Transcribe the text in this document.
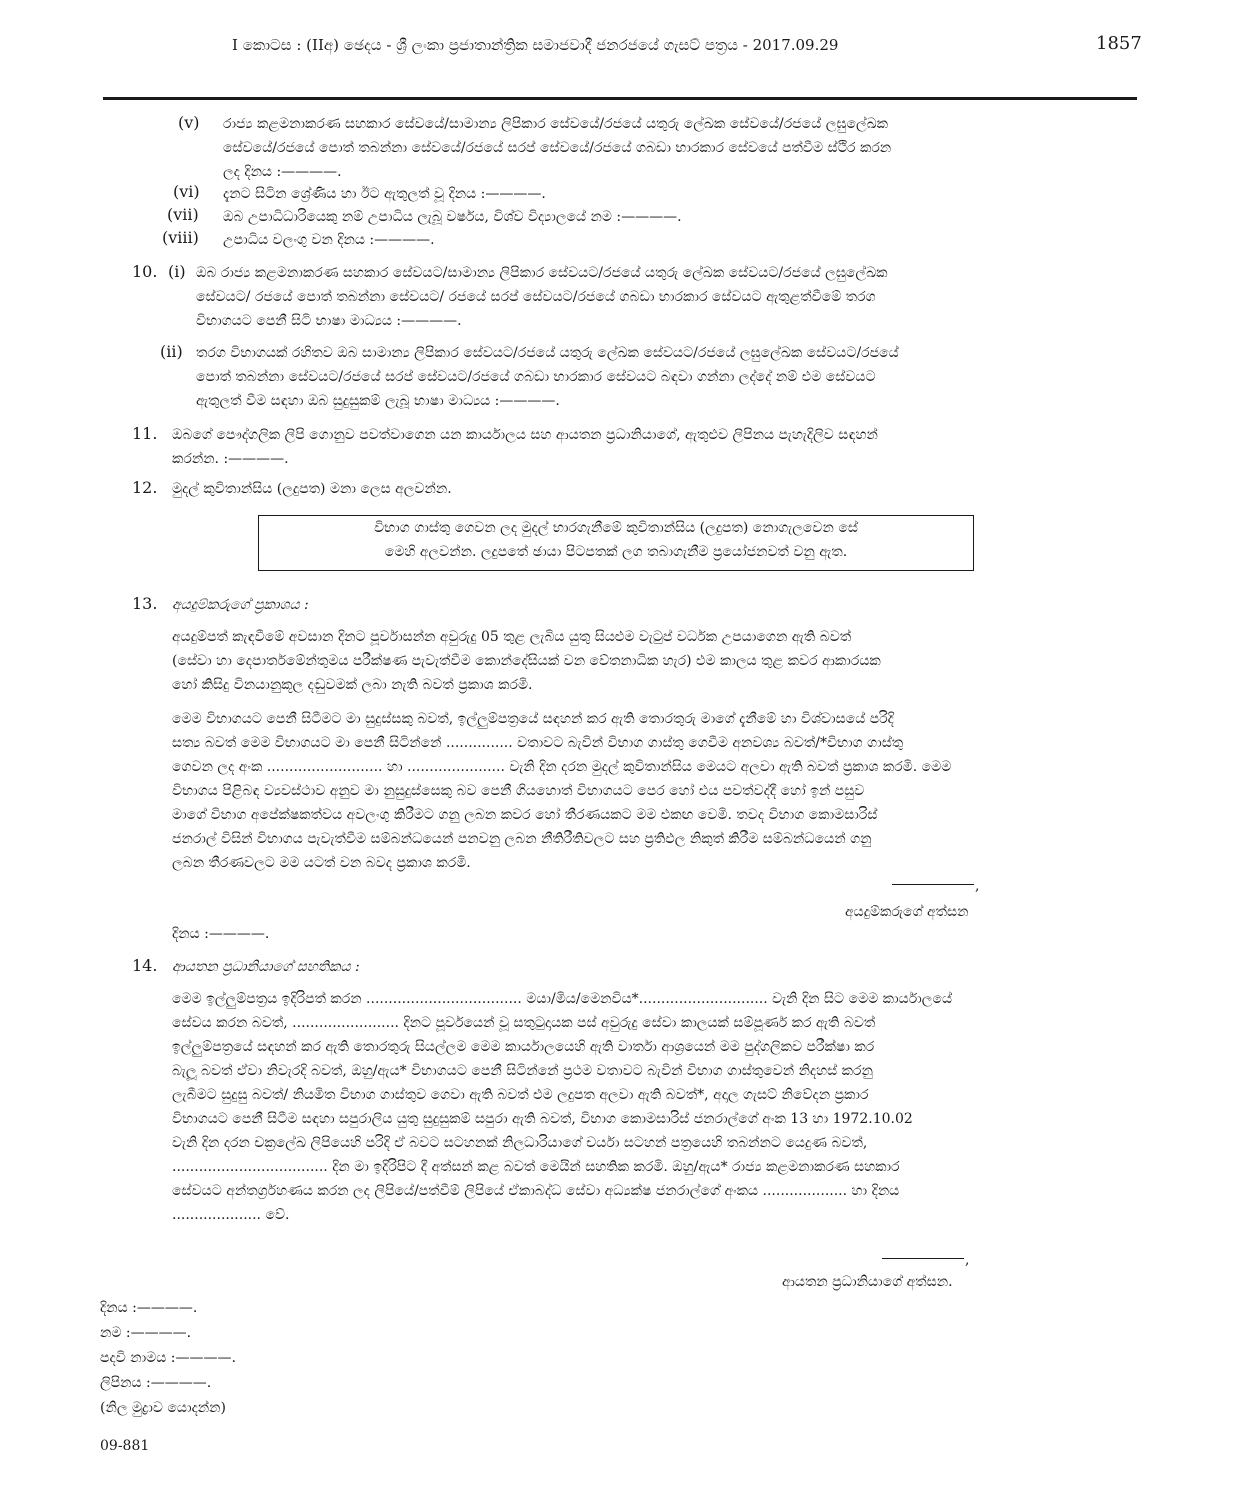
I කොටස : (IIඅ) ඡෙදය - ශ්‍රී ලංකා ප්‍රජාතාන්ත්‍රික සමාජවාදී ජනරජයේ ගැසට් පත්‍රය - 2017.09.29	1857
(v) රාජ්‍ය කළමනාකරණ සහකාර සේවයේ/සාමාන්‍ය ලිපිකාර සේවයේ/රජයේ යතුරු ලේඛක සේවයේ/රජයේ ලඝුලේඛක
සේවයේ/රජයේ පොත් තබන්නා සේවයේ/රජයේ සරප් සේවයේ/රජයේ ගබඩා භාරකාර සේවයේ පත්වීම ස්ථිර කරන
ලද දිනය :————.
(vi) දැනට සිටින ශ්‍රේණිය හා ඊට ඇතුලත් වූ දිනය :————.
(vii) ඔබ උපාධිධාරියෙකු නම් උපාධිය ලැබූ වර්ෂය, විශ්ව විද්‍යාලයේ නම :————.
(viii) උපාධිය වලංගු වන දිනය :————.
10. (i) ඔබ රාජ්‍ය කළමනාකරණ සහකාර සේවයට/සාමාන්‍ය ලිපිකාර සේවයට/රජයේ යතුරු ලේඛක සේවයට/රජයේ ලඝුලේඛක
සේවයට/ රජයේ පොත් තබන්නා සේවයට/ රජයේ සරප් සේවයට/රජයේ ගබඩා භාරකාර සේවයට ඇතුළත්වීමේ තරග
විභාගයට පෙනී සිටි භාෂා මාධ්‍යය :————.
(ii) තරග විභාගයක් රහිතව ඔබ සාමාන්‍ය ලිපිකාර සේවයට/රජයේ යතුරු ලේඛක සේවයට/රජයේ ලඝුලේඛක සේවයට/රජයේ
පොත් තබන්නා සේවයට/රජයේ සරප් සේවයට/රජයේ ගබඩා භාරකාර සේවයට බඳවා ගන්නා ලද්දේ නම් එම සේවයට
ඇතුලත් වීම සඳහා ඔබ සුදුසුකම් ලැබූ භාෂා මාධ්‍යය :————.
11. ඔබගේ පෞද්ගලික ලිපි ගොනුව පවත්වාගෙන යන කාර්යාලය සහ ආයතන ප්‍රධානියාගේ, ඇතුළුව ලිපිනය පැහැදිලිව සඳහන්
කරන්න. :————.
12. මුදල් කුවිතාන්සිය (ලදුපත) මනා ලෙස අලවන්න.
විභාග ගාස්තු ගෙවන ලද මුදල් භාරගැනීමේ කුවිතාන්සිය (ලදුපත) නොගැලවෙන සේ
මෙහි අලවන්න. ලදුපතේ ඡායා පිටපතක් ලග තබාගැනීම ප්‍රයෝජනවත් වනු ඇත.
13. අයදුම්කරුගේ ප්‍රකාශය :
අයදුම්පත් කැඳවීමේ අවසාන දිනට පූර්වාසන්න අවුරුදු 05 තුළ ලැබිය යුතු සියළුම වැටුප් වර්ධක උපයාගෙන ඇති බවත්
(සේවා හා දෙපාර්තමේන්තුමය පරීක්ෂණ පැවැත්වීම කොන්දේසියක් වන වේතනාධික හැර) එම කාලය තුළ කවර ආකාරයක
හෝ කිසිදු විනයානුකූල දඬුවමක් ලබා නැති බවත් ප්‍රකාශ කරමි.
මෙම විභාගයට පෙනී සිටීමට මා සුදුස්සකු බවත්, ඉල්ලුම්පත්‍රයේ සඳහන් කර ඇති තොරතුරු මාගේ දැනීමේ හා විශ්වාසයේ පරිදි
සත්‍ය බවත් මෙම විභාගයට මා පෙනී සිටින්නේ ............... වතාවට බැවින් විභාග ගාස්තු ගෙවීම අනවශ්‍ය බවත්/*විභාග ගාස්තු
ගෙවන ලද අංක .......................... හා ...................... වැනි දින දරන මුදල් කුවිතාන්සිය මෙයට අලවා ඇති බවත් ප්‍රකාශ කරමි. මෙම
විභාගය පිළිබඳ ව්‍යවස්ථාව අනුව මා නුසුදුස්සෙකු බව පෙනී ගියහොත් විභාගයට පෙර හෝ එය පවත්වද්දී හෝ ඉන් පසුව
මාගේ විභාග අපේක්ෂකත්වය අවලංගු කිරීමට ගනු ලබන කවර හෝ තීරණයකට මම එකඟ වෙමි. තවද විභාග කොමසාරිස්
ජනරාල් විසින් විභාගය පැවැත්වීම සම්බන්ධයෙන් පනවනු ලබන නීතිරීතිවලට සහ ප්‍රතිඵල නිකුත් කිරීම සම්බන්ධයෙන් ගනු
ලබන තීරණවලට මම යටත් වන බවද ප්‍රකාශ කරමි.
,
අයදුම්කරුගේ අත්සන
දිනය :————.
14. ආයතන ප්‍රධානියාගේ සහතිකය :
මෙම ඉල්ලුම්පත්‍රය ඉදිරිපත් කරන ................................... මයා/මිය/මෙනවිය*............................. වැනි දින සිට මෙම කාර්යාලයේ
සේවය කරන බවත්, ........................ දිනට පූර්වයෙන් වූ සතුටුදායක පස් අවුරුදු සේවා කාලයක් සම්පූර්ණ කර ඇති බවත්
ඉල්ලුම්පත්‍රයේ සඳහන් කර ඇති තොරතුරු සියල්ලම මෙම කාර්යාලයෙහි ඇති වාර්තා ආශ්‍රයෙන් මම පුද්ගලිකව පරීක්ෂා කර
බැලූ බවත් ඒවා නිවැරදි බවත්, ඔහු/ඇය* විභාගයට පෙනී සිටින්නේ ප්‍රථම වතාවට බැවින් විභාග ගාස්තුවෙන් නිදහස් කරනු
ලැබීමට සුදුසු බවත්/ නියමිත විභාග ගාස්තුව ගෙවා ඇති බවත් එම ලදුපත අලවා ඇති බවත්*, අදාල ගැසට් නිවේදන ප්‍රකාර
විභාගයට පෙනී සිටීම සඳහා සපුරාලිය යුතු සුදුසුකම් සපුරා ඇති බවත්, විභාග කොමසාරිස් ජනරාල්ගේ අංක 13 හා 1972.10.02
වැනි දින දරන චක්‍රලේඛ ලිපියෙහි පරිදි ඒ බවට සටහනක් නිලධාරියාගේ චර්යා සටහන් පත්‍රයෙහි තබන්නට යෙදුණ බවත්,
................................... දින මා ඉදිරිපිට දී අත්සන් කළ බවත් මෙයින් සහතික කරමි. ඔහු/ඇය* රාජ්‍ය කළමනාකරණ සහකාර
සේවයට අන්තර්ග්‍රහණය කරන ලද ලිපියේ/පත්වීම් ලිපියේ ඒකාබද්ධ සේවා අධ්‍යක්ෂ ජනරාල්ගේ අංකය ................... හා දිනය
.................... වේ.
,
ආයතන ප්‍රධානියාගේ අත්සන.
දිනය :————.
නම :————.
පදවි නාමය :————.
ලිපිනය :————.
(නිල මුද්‍රාව යොදන්න)
09-881
